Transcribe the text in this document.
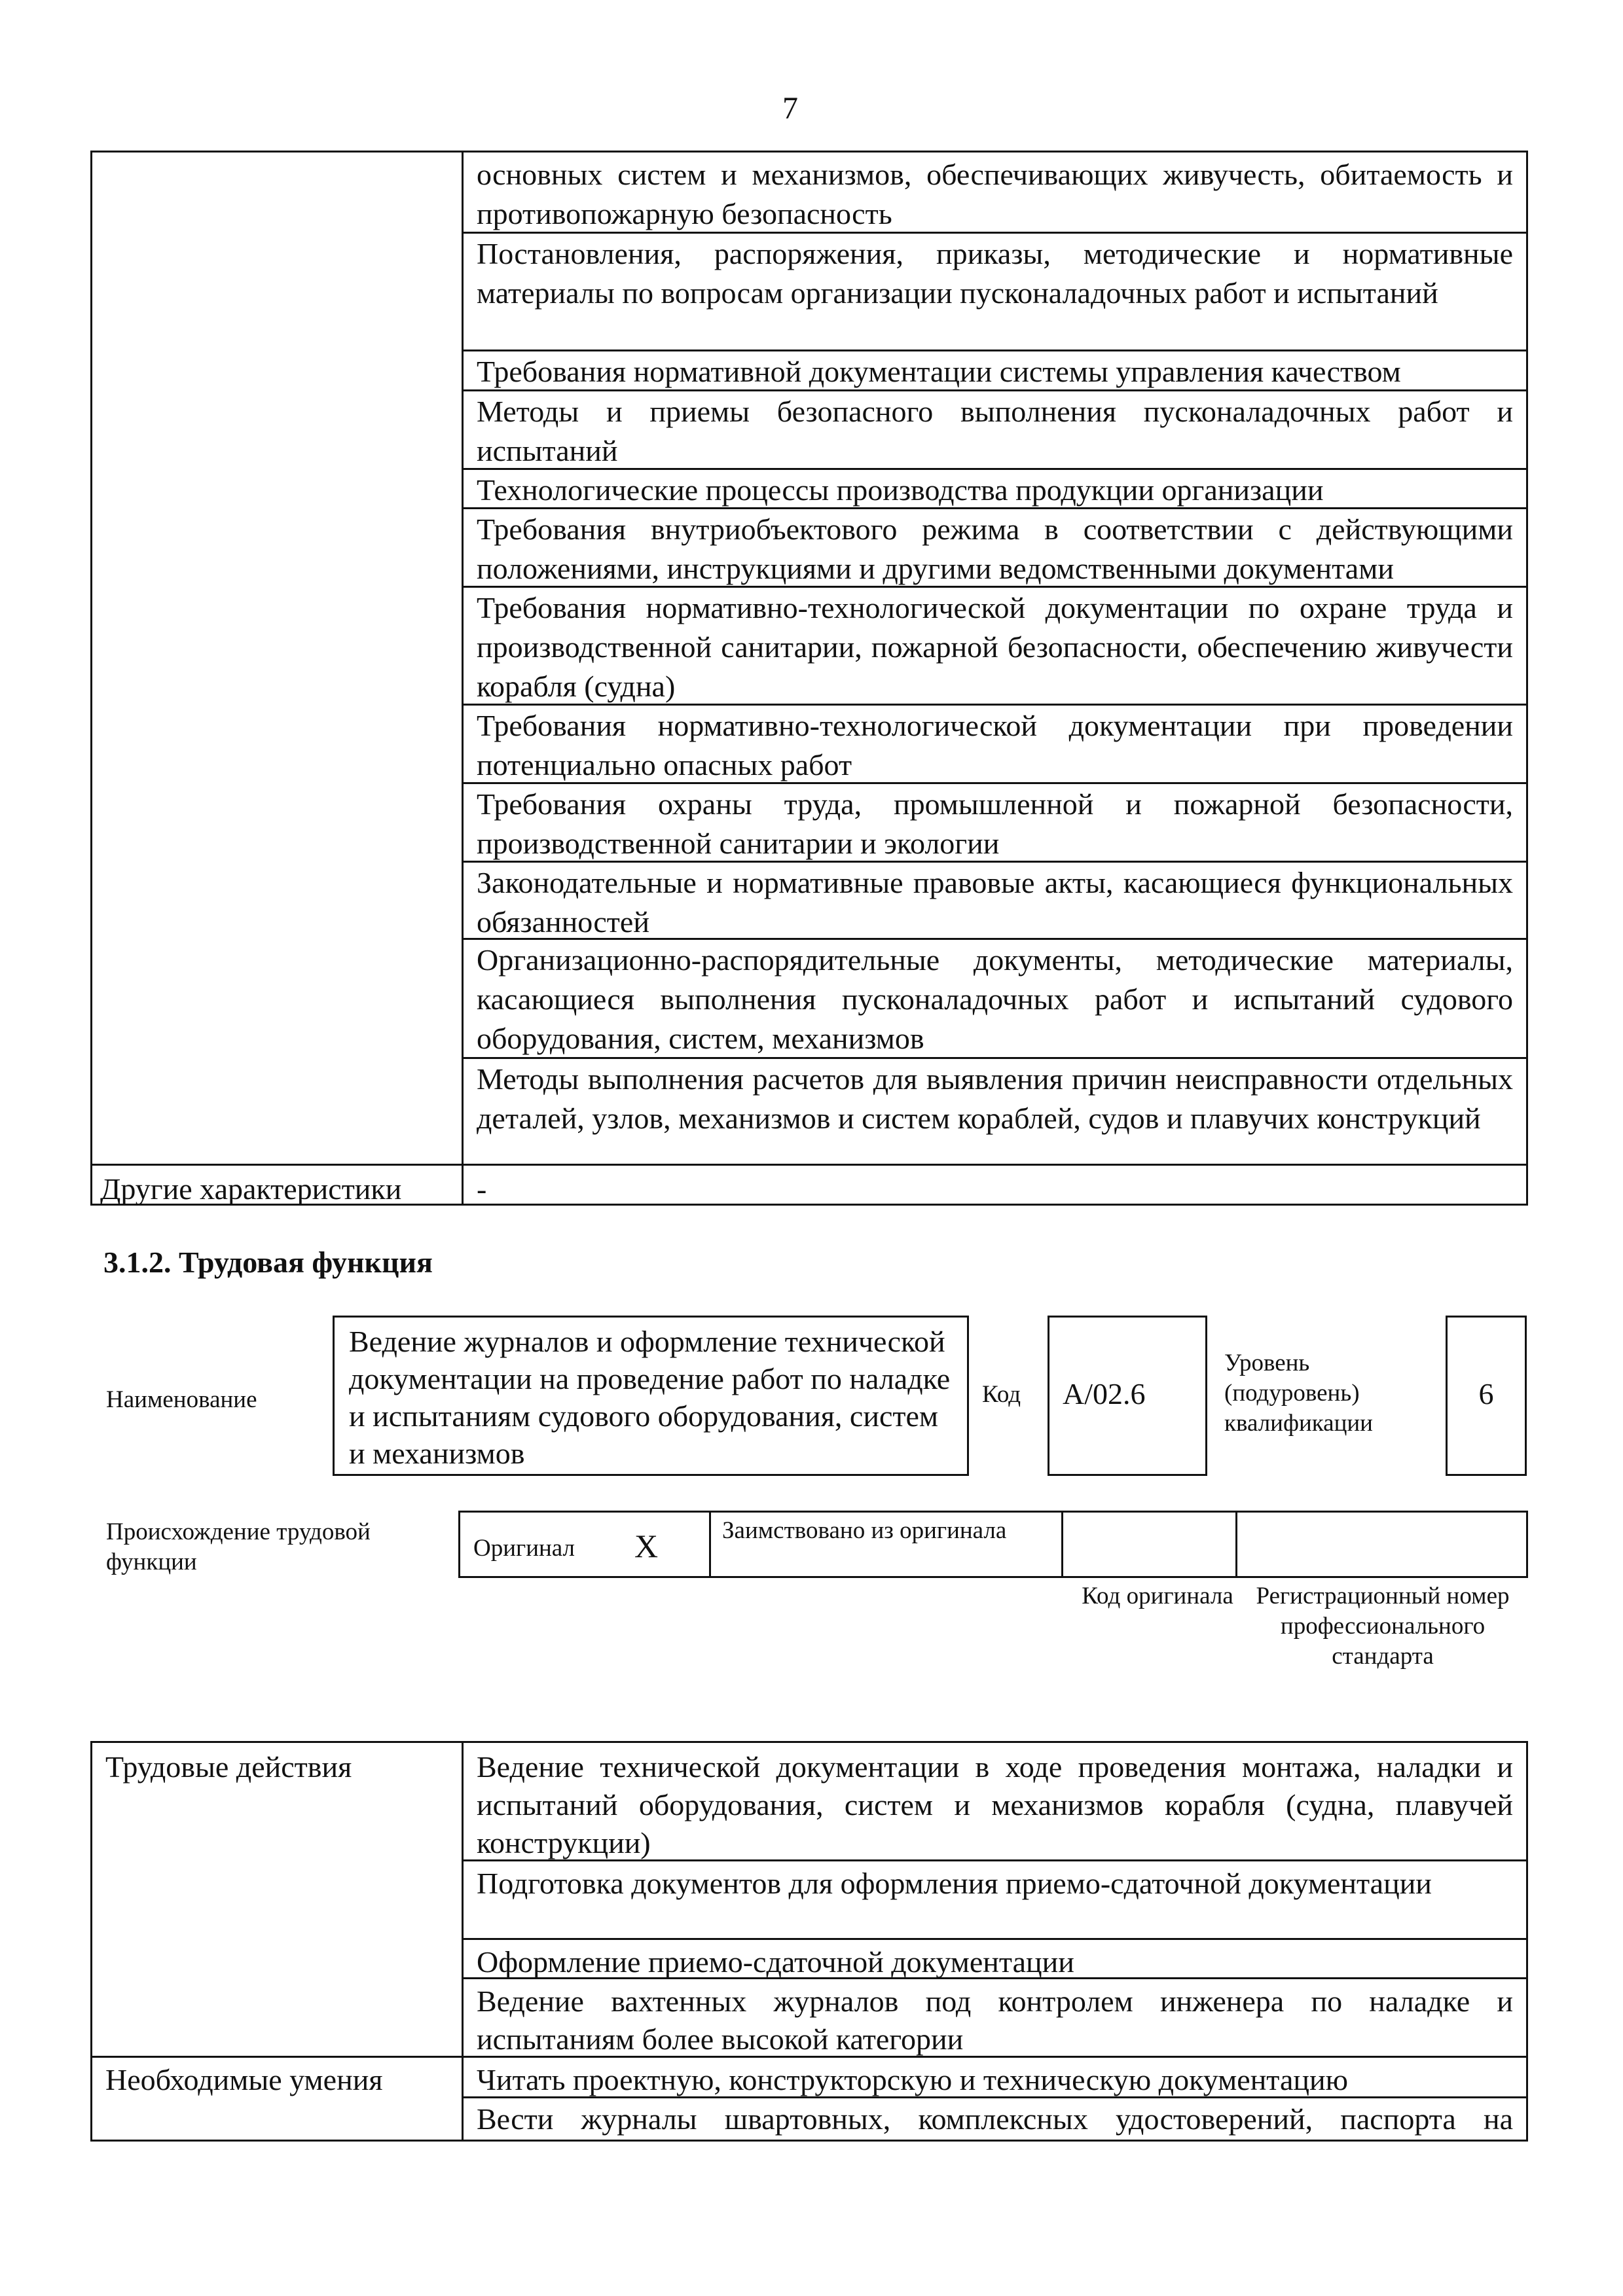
7
основных систем и механизмов, обеспечивающих живучесть, обитаемость и противопожарную безопасность
Постановления, распоряжения, приказы, методические и нормативные материалы по вопросам организации пусконаладочных работ и испытаний
Требования нормативной документации системы управления качеством
Методы и приемы безопасного выполнения пусконаладочных работ и испытаний
Технологические процессы производства продукции организации
Требования внутриобъектового режима в соответствии с действующими положениями, инструкциями и другими ведомственными документами
Требования нормативно-технологической документации по охране труда и производственной санитарии, пожарной безопасности, обеспечению живучести корабля (судна)
Требования нормативно-технологической документации при проведении потенциально опасных работ
Требования охраны труда, промышленной и пожарной безопасности, производственной санитарии и экологии
Законодательные и нормативные правовые акты, касающиеся функциональных обязанностей
Организационно-распорядительные документы, методические материалы, касающиеся выполнения пусконаладочных работ и испытаний судового оборудования, систем, механизмов
Методы выполнения расчетов для выявления причин неисправности отдельных деталей, узлов, механизмов и систем кораблей, судов и плавучих конструкций
Другие характеристики -
3.1.2. Трудовая функция
Наименование
Ведение журналов и оформление технической документации на проведение работ по наладке и испытаниям судового оборудования, систем и механизмов
Код A/02.6
Уровень (подуровень) квалификации
6
Происхождение трудовой функции
Оригинал X	Заимствовано из оригинала
Код оригинала Регистрационный номер профессионального стандарта
Трудовые действия	Ведение технической документации в ходе проведения монтажа, наладки и испытаний оборудования, систем и механизмов корабля (судна, плавучей конструкции)
Подготовка документов для оформления приемо-сдаточной документации
Оформление приемо-сдаточной документации
Ведение вахтенных журналов под контролем инженера по наладке и испытаниям более высокой категории
Необходимые умения	Читать проектную, конструкторскую и техническую документацию
Вести журналы швартовных, комплексных удостоверений, паспорта на
